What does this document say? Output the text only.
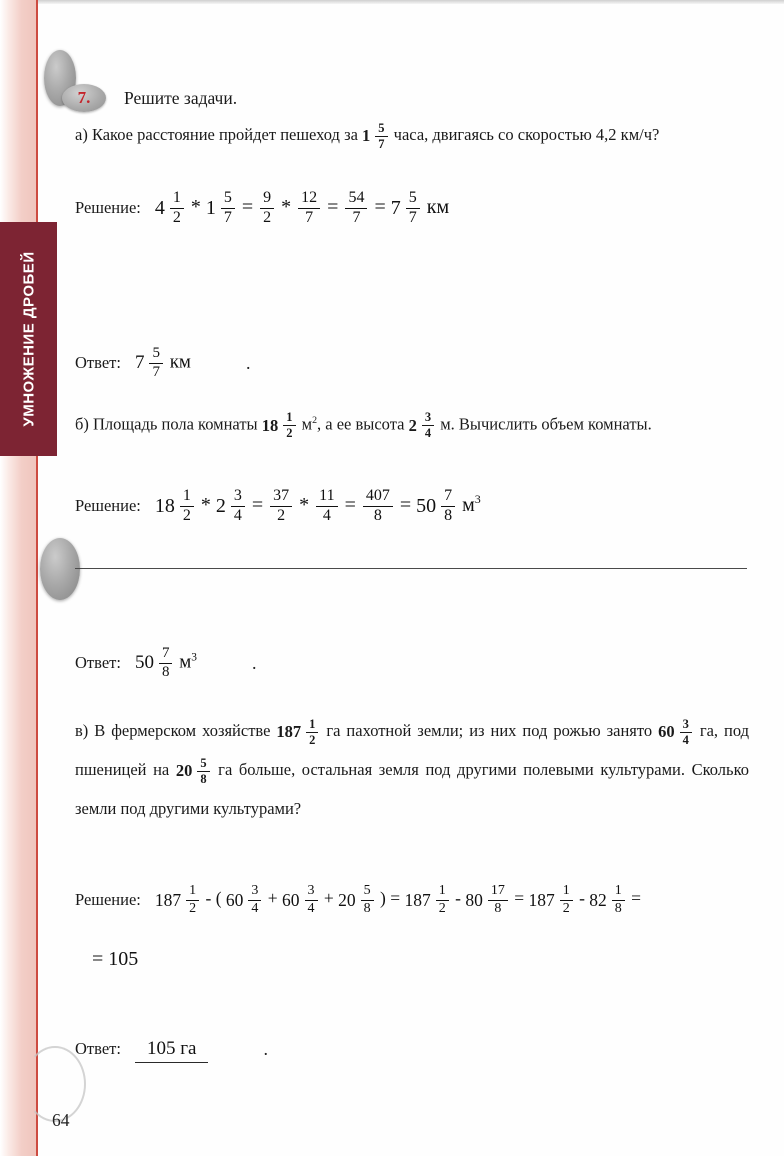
УМНОЖЕНИЕ ДРОБЕЙ
7.	Решите задачи.

а) Какое расстояние пройдет пешеход за $1 \frac{5}{7}$ часа, двигаясь со скоростью 4,2 км/ч?

Решение: $4 \frac{1}{2} * 1 \frac{5}{7} = \frac{9}{2} * \frac{12}{7} = \frac{54}{7} = 7 \frac{5}{7}$ км
Ответ: $7 \frac{5}{7}$ км	.

б) Площадь пола комнаты $18 \frac{1}{2} м^2$, а ее высота $2 \frac{3}{4} м$. Вычислить объем комнаты.

Решение: $18 \frac{1}{2} * 2 \frac{3}{4} = \frac{37}{2} * \frac{11}{4} = \frac{407}{8} = 50 \frac{7}{8} м^3$
Ответ: $50 \frac{7}{8} м^3$	.

в) В фермерском хозяйстве $187 \frac{1}{2}$ га пахотной земли; из них под рожью занято $60 \frac{3}{4}$ га, под пшеницей на $20 \frac{5}{8}$ га больше, остальная земля под другими полевыми культурами. Сколько земли под другими культурами?

Решение: $187 \frac{1}{2}$ - ( $60 \frac{3}{4} + 60 \frac{3}{4} + 20 \frac{5}{8}$ ) = $187 \frac{1}{2} - 80 \frac{17}{8} = 187 \frac{1}{2} - 82 \frac{1}{8}$ =
= 105
Ответ:	105 га	.
64
